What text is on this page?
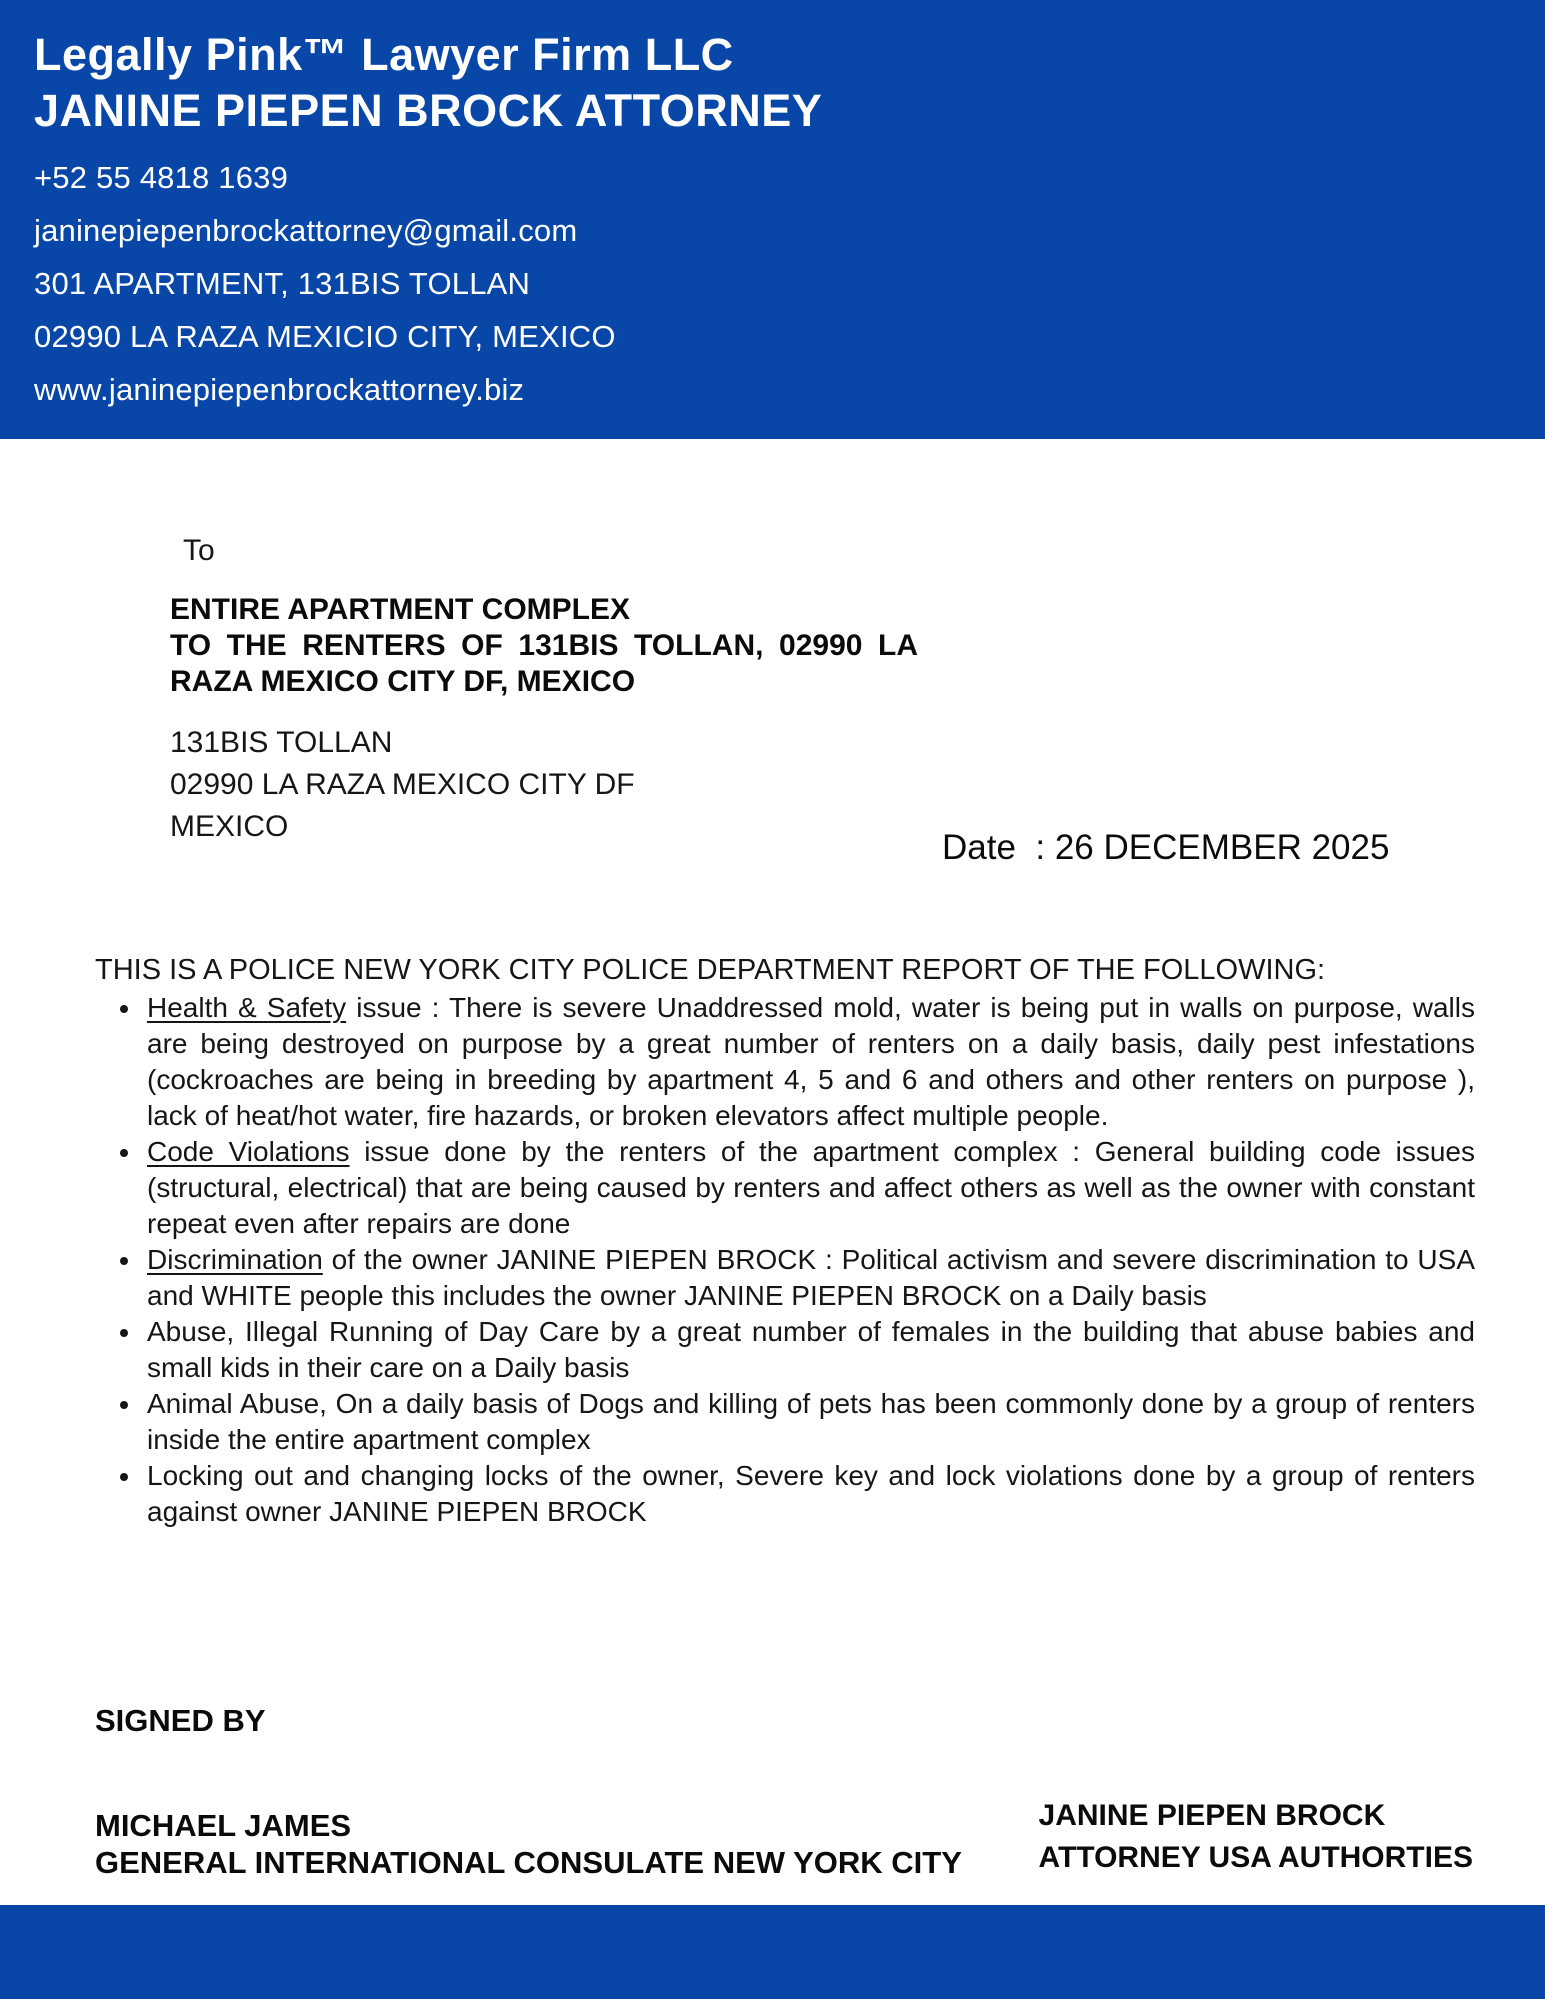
Legally Pink™ Lawyer Firm LLC
JANINE PIEPEN BROCK ATTORNEY
+52 55 4818 1639
janinepiepenbrockattorney@gmail.com
301 APARTMENT, 131BIS TOLLAN
02990 LA RAZA MEXICIO CITY, MEXICO
www.janinepiepenbrockattorney.biz
To
ENTIRE APARTMENT COMPLEX
TO THE RENTERS OF 131BIS TOLLAN, 02990 LA
RAZA MEXICO CITY DF, MEXICO
131BIS TOLLAN
02990 LA RAZA MEXICO CITY DF
MEXICO
Date  : 26 DECEMBER 2025
THIS IS A POLICE NEW YORK CITY POLICE DEPARTMENT REPORT OF THE FOLLOWING:
• Health & Safety issue : There is severe Unaddressed mold, water is being put in walls on purpose, walls are being destroyed on purpose by a great number of renters on a daily basis, daily pest infestations (cockroaches are being in breeding by apartment 4, 5 and 6 and others and other renters on purpose ), lack of heat/hot water, fire hazards, or broken elevators affect multiple people.
• Code Violations issue done by the renters of the apartment complex : General building code issues (structural, electrical) that are being caused by renters and affect others as well as the owner with constant repeat even after repairs are done
• Discrimination of the owner JANINE PIEPEN BROCK : Political activism and severe discrimination to USA and WHITE people this includes the owner JANINE PIEPEN BROCK on a Daily basis
• Abuse, Illegal Running of Day Care by a great number of females in the building that abuse babies and small kids in their care on a Daily basis
• Animal Abuse, On a daily basis of Dogs and killing of pets has been commonly done by a group of renters inside the entire apartment complex
• Locking out and changing locks of the owner, Severe key and lock violations done by a group of renters against owner JANINE PIEPEN BROCK
SIGNED BY
MICHAEL JAMES
GENERAL INTERNATIONAL CONSULATE NEW YORK CITY
JANINE PIEPEN BROCK
ATTORNEY USA AUTHORTIES
